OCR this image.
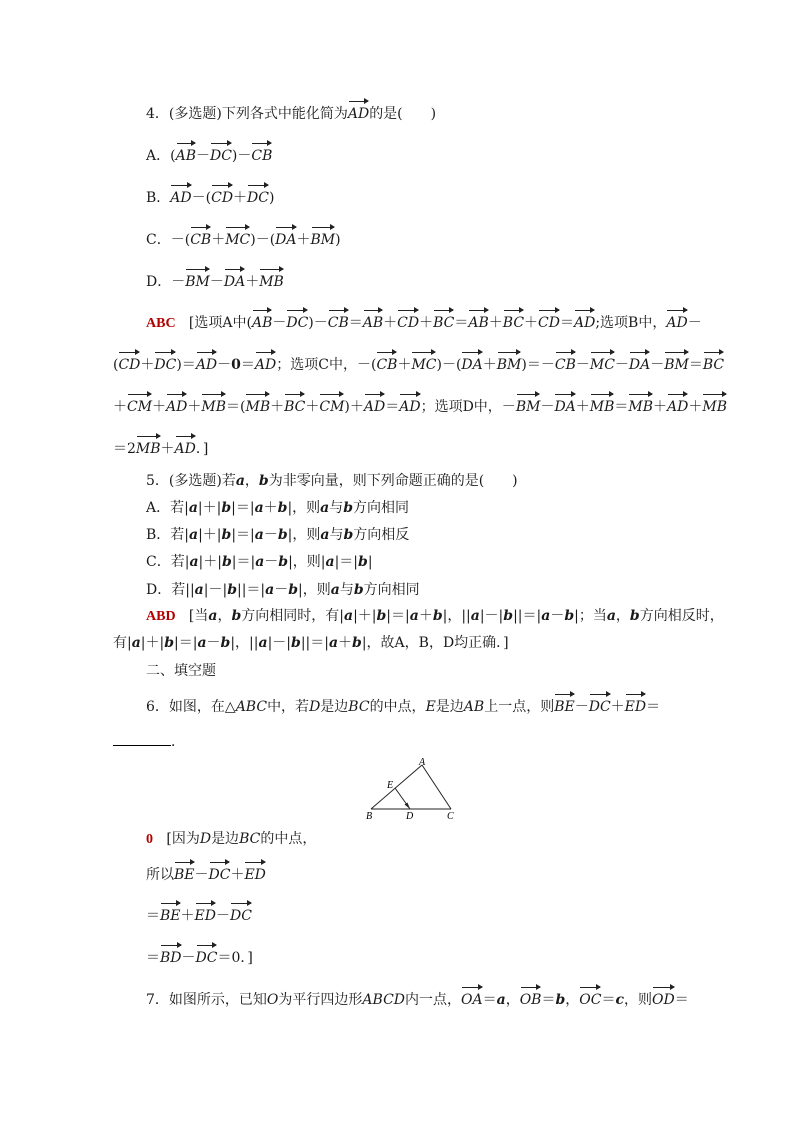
4．(多选题)下列各式中能化简为AD的是(　　)
A．(AB－DC)－CB
B．AD－(CD＋DC)
C．－(CB＋MC)－(DA＋BM)
D．－BM－DA＋MB
ABC   [选项A中(AB－DC)－CB＝AB＋CD＋BC＝AB＋BC＋CD＝AD;选项B中，AD－
(CD＋DC)＝AD－0＝AD；选项C中，－(CB＋MC)－(DA＋BM)＝－CB－MC－DA－BM＝BC
＋CM＋AD＋MB＝(MB＋BC＋CM)＋AD＝AD；选项D中，－BM－DA＋MB＝MB＋AD＋MB
＝2MB＋AD．]
5．(多选题)若a，b为非零向量，则下列命题正确的是(　　)
A．若|a|＋|b|＝|a＋b|，则a与b方向相同
B．若|a|＋|b|＝|a－b|，则a与b方向相反
C．若|a|＋|b|＝|a－b|，则|a|＝|b|
D．若||a|－|b||＝|a－b|，则a与b方向相同
ABD   [当a，b方向相同时，有|a|＋|b|＝|a＋b|，||a|－|b||＝|a－b|；当a，b方向相反时，
有|a|＋|b|＝|a－b|，||a|－|b||＝|a＋b|，故A，B，D均正确．]
二、填空题
6．如图，在△ABC中，若D是边BC的中点，E是边AB上一点，则BE－DC＋ED＝
．
A
E
B	D	C
0   [因为D是边BC的中点，
所以BE－DC＋ED
＝BE＋ED－DC
＝BD－DC＝0．]
7．如图所示，已知O为平行四边形ABCD内一点，OA＝a，OB＝b，OC＝c，则OD＝
